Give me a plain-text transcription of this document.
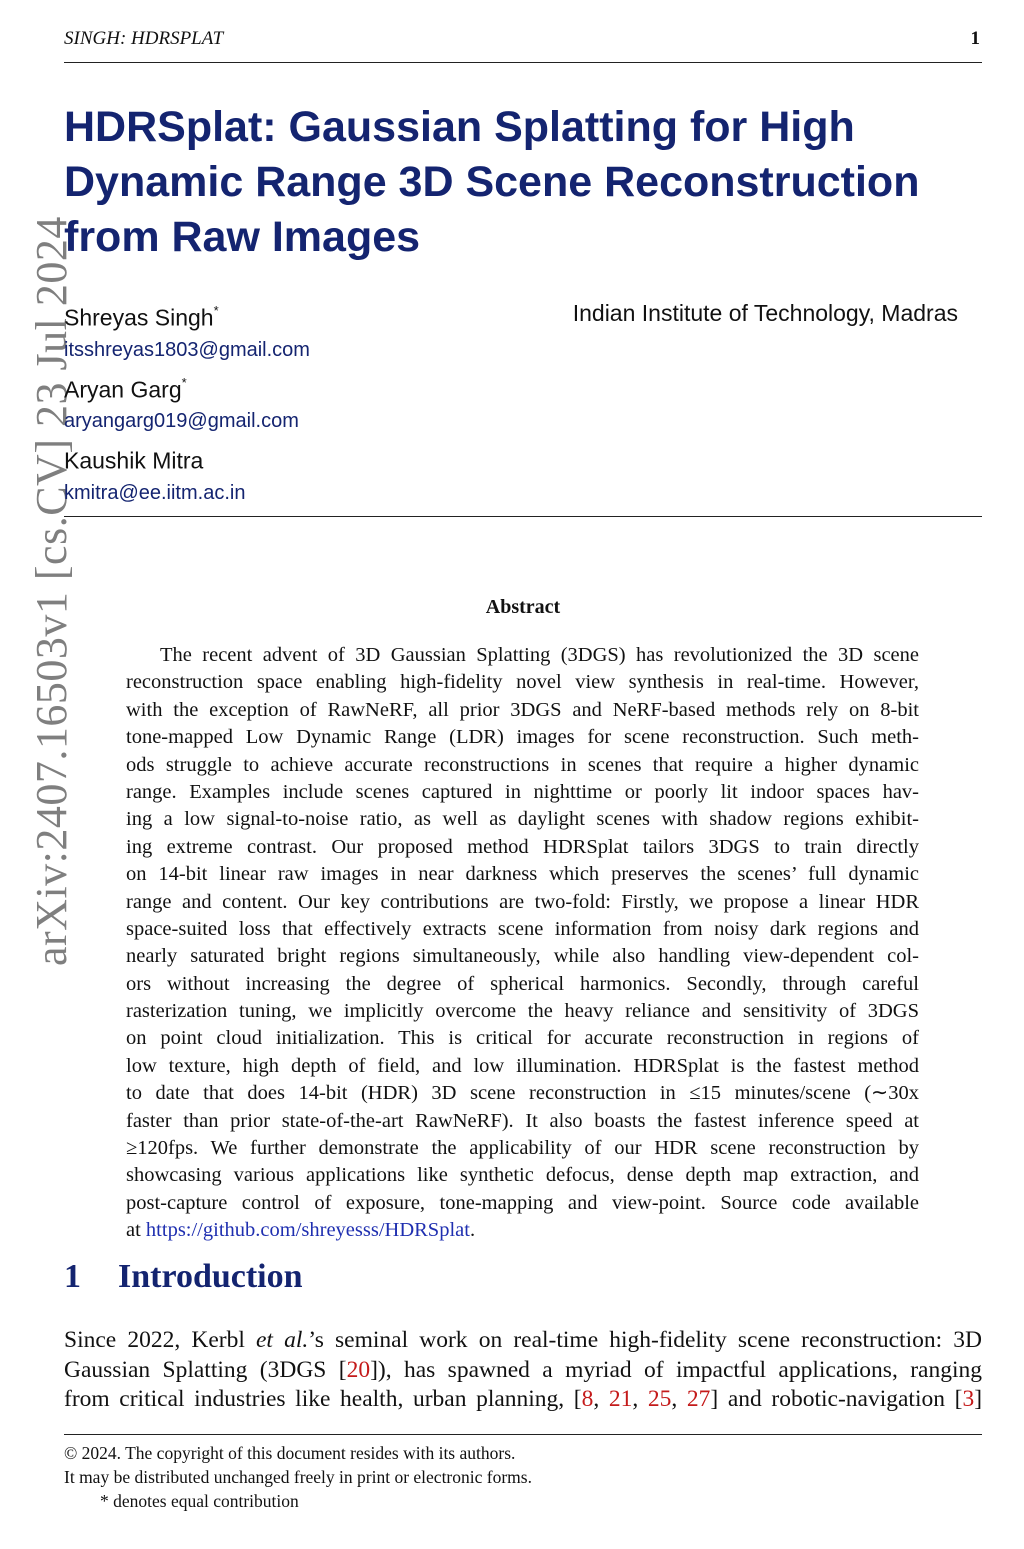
SINGH: HDRSPLAT	1
arXiv:2407.16503v1 [cs.CV] 23 Jul 2024
HDRSplat: Gaussian Splatting for High
Dynamic Range 3D Scene Reconstruction
from Raw Images
Shreyas Singh*
itsshreyas1803@gmail.com
Aryan Garg*
aryangarg019@gmail.com
Kaushik Mitra
kmitra@ee.iitm.ac.in
Indian Institute of Technology, Madras
Abstract
The recent advent of 3D Gaussian Splatting (3DGS) has revolutionized the 3D scene
reconstruction space enabling high-fidelity novel view synthesis in real-time. However,
with the exception of RawNeRF, all prior 3DGS and NeRF-based methods rely on 8-bit
tone-mapped Low Dynamic Range (LDR) images for scene reconstruction. Such meth-
ods struggle to achieve accurate reconstructions in scenes that require a higher dynamic
range. Examples include scenes captured in nighttime or poorly lit indoor spaces hav-
ing a low signal-to-noise ratio, as well as daylight scenes with shadow regions exhibit-
ing extreme contrast. Our proposed method HDRSplat tailors 3DGS to train directly
on 14-bit linear raw images in near darkness which preserves the scenes’ full dynamic
range and content. Our key contributions are two-fold: Firstly, we propose a linear HDR
space-suited loss that effectively extracts scene information from noisy dark regions and
nearly saturated bright regions simultaneously, while also handling view-dependent col-
ors without increasing the degree of spherical harmonics. Secondly, through careful
rasterization tuning, we implicitly overcome the heavy reliance and sensitivity of 3DGS
on point cloud initialization. This is critical for accurate reconstruction in regions of
low texture, high depth of field, and low illumination. HDRSplat is the fastest method
to date that does 14-bit (HDR) 3D scene reconstruction in ≤15 minutes/scene (∼30x
faster than prior state-of-the-art RawNeRF). It also boasts the fastest inference speed at
≥120fps. We further demonstrate the applicability of our HDR scene reconstruction by
showcasing various applications like synthetic defocus, dense depth map extraction, and
post-capture control of exposure, tone-mapping and view-point. Source code available
at https://github.com/shreyesss/HDRSplat.
1 Introduction
Since 2022, Kerbl et al.’s seminal work on real-time high-fidelity scene reconstruction: 3D
Gaussian Splatting (3DGS [20]), has spawned a myriad of impactful applications, ranging
from critical industries like health, urban planning, [8, 21, 25, 27] and robotic-navigation [3]
© 2024. The copyright of this document resides with its authors.
It may be distributed unchanged freely in print or electronic forms.
* denotes equal contribution
